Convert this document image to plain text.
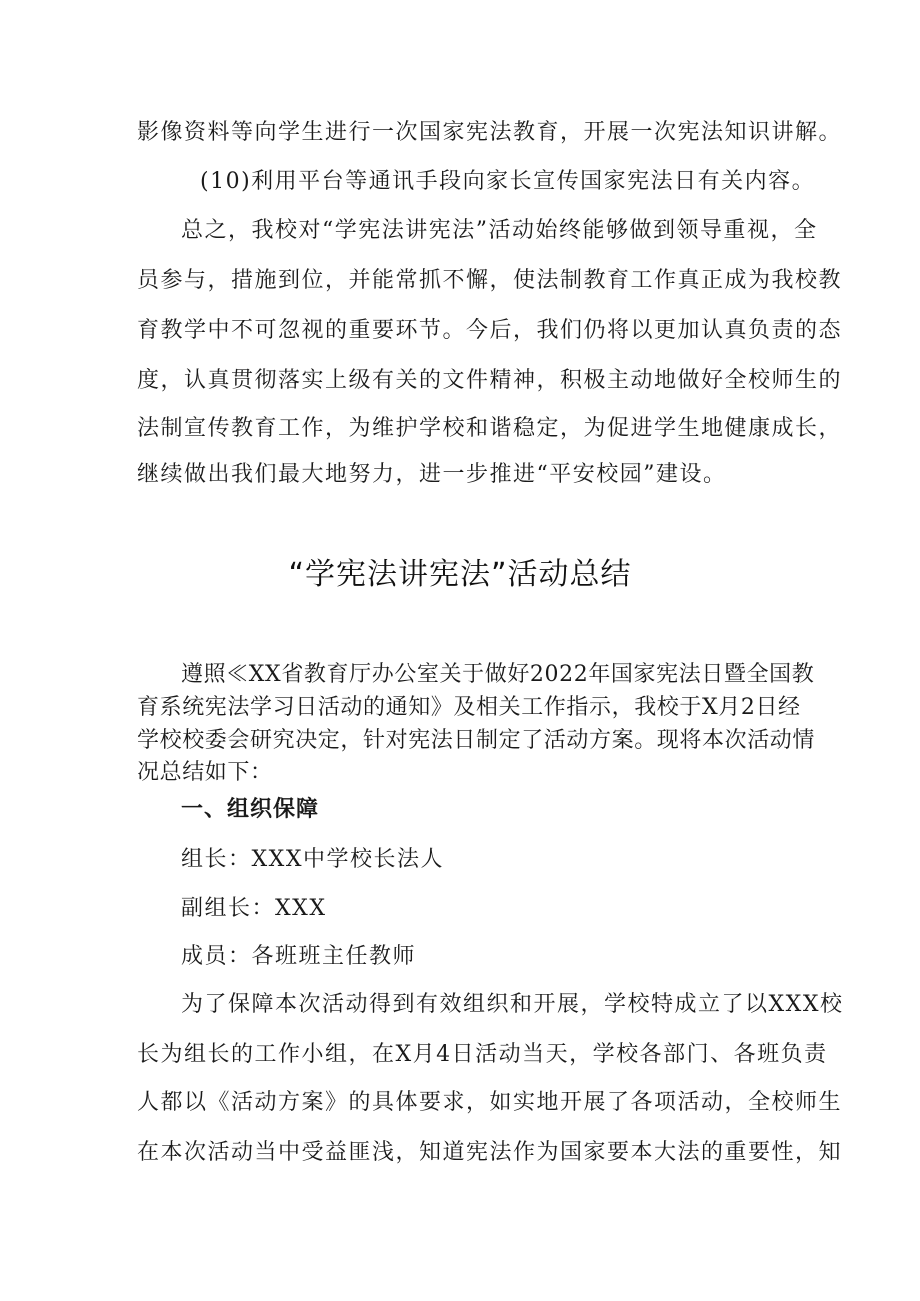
影像资料等向学生进行一次国家宪法教育，开展一次宪法知识讲解。
(10)利用平台等通讯手段向家长宣传国家宪法日有关内容。
总之，我校对“学宪法讲宪法”活动始终能够做到领导重视，全
员参与，措施到位，并能常抓不懈，使法制教育工作真正成为我校教
育教学中不可忽视的重要环节。今后，我们仍将以更加认真负责的态
度，认真贯彻落实上级有关的文件精神，积极主动地做好全校师生的
法制宣传教育工作，为维护学校和谐稳定，为促进学生地健康成长，
继续做出我们最大地努力，进一步推进“平安校园”建设。
“学宪法讲宪法”活动总结
遵照≪XX省教育厅办公室关于做好2022年国家宪法日暨全国教
育系统宪法学习日活动的通知》及相关工作指示，我校于X月2日经
学校校委会研究决定，针对宪法日制定了活动方案。现将本次活动情
况总结如下：
一、组织保障
组长：XXX中学校长法人
副组长：XXX
成员：各班班主任教师
为了保障本次活动得到有效组织和开展，学校特成立了以XXX校
长为组长的工作小组，在X月4日活动当天，学校各部门、各班负责
人都以《活动方案》的具体要求，如实地开展了各项活动，全校师生
在本次活动当中受益匪浅，知道宪法作为国家要本大法的重要性，知
